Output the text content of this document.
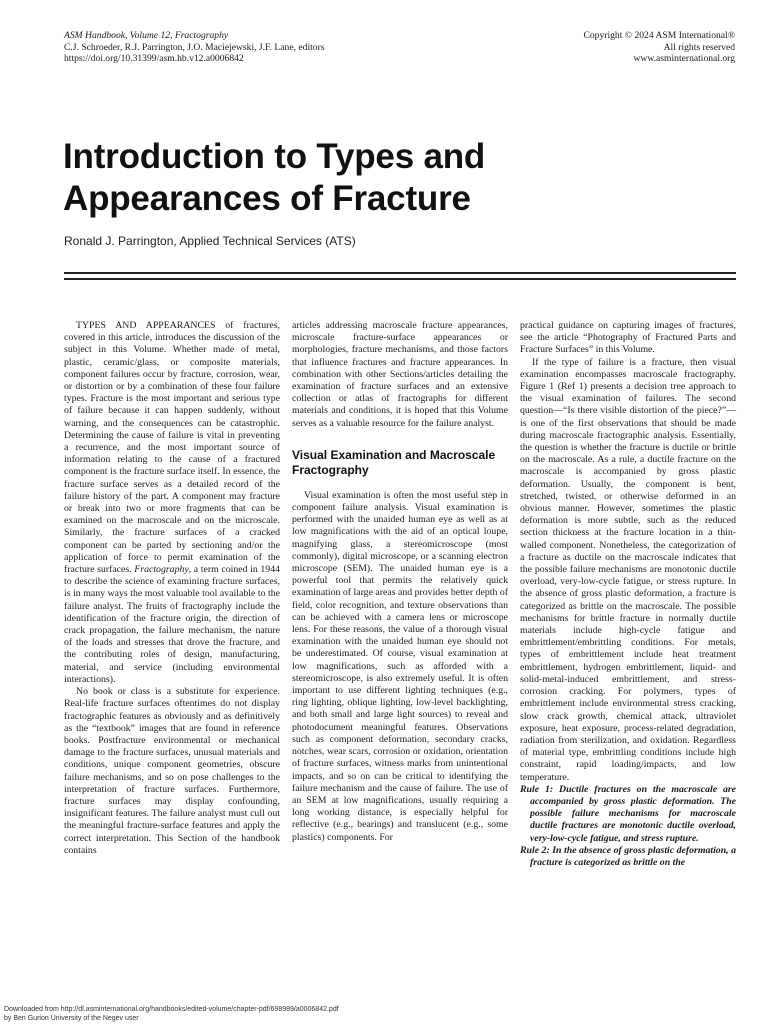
ASM Handbook, Volume 12, Fractography
C.J. Schroeder, R.J. Parrington, J.O. Maciejewski, J.F. Lane, editors
https://doi.org/10.31399/asm.hb.v12.a0006842
Copyright © 2024 ASM International®
All rights reserved
www.asminternational.org
Introduction to Types and
Appearances of Fracture
Ronald J. Parrington, Applied Technical Services (ATS)

TYPES AND APPEARANCES of fractures, covered in this article, introduces the discussion of the subject in this Volume. Whether made of metal, plastic, ceramic/glass, or composite materials, component failures occur by fracture, corrosion, wear, or distortion or by a combination of these four failure types. Fracture is the most important and serious type of failure because it can happen suddenly, without warning, and the consequences can be catastrophic. Determining the cause of failure is vital in preventing a recurrence, and the most important source of information relating to the cause of a fractured component is the fracture surface itself. In essence, the fracture surface serves as a detailed record of the failure history of the part. A component may fracture or break into two or more fragments that can be examined on the macroscale and on the microscale. Similarly, the fracture surfaces of a cracked component can be parted by sectioning and/or the application of force to permit examination of the fracture surfaces. Fractography, a term coined in 1944 to describe the science of examining fracture surfaces, is in many ways the most valuable tool available to the failure analyst. The fruits of fractography include the identification of the fracture origin, the direction of crack propagation, the failure mechanism, the nature of the loads and stresses that drove the fracture, and the contributing roles of design, manufacturing, material, and service (including environmental interactions).

No book or class is a substitute for experience. Real-life fracture surfaces oftentimes do not display fractographic features as obviously and as definitively as the “textbook” images that are found in reference books. Postfracture environmental or mechanical damage to the fracture surfaces, unusual materials and conditions, unique component geometries, obscure failure mechanisms, and so on pose challenges to the interpretation of fracture surfaces. Furthermore, fracture surfaces may display confounding, insignificant features. The failure analyst must cull out the meaningful fracture-surface features and apply the correct interpretation. This Section of the handbook contains

articles addressing macroscale fracture appearances, microscale fracture-surface appearances or morphologies, fracture mechanisms, and those factors that influence fractures and fracture appearances. In combination with other Sections/articles detailing the examination of fracture surfaces and an extensive collection or atlas of fractographs for different materials and conditions, it is hoped that this Volume serves as a valuable resource for the failure analyst.

Visual Examination and Macroscale Fractography

Visual examination is often the most useful step in component failure analysis. Visual examination is performed with the unaided human eye as well as at low magnifications with the aid of an optical loupe, magnifying glass, a stereomicroscope (most commonly), digital microscope, or a scanning electron microscope (SEM). The unaided human eye is a powerful tool that permits the relatively quick examination of large areas and provides better depth of field, color recognition, and texture observations than can be achieved with a camera lens or microscope lens. For these reasons, the value of a thorough visual examination with the unaided human eye should not be underestimated. Of course, visual examination at low magnifications, such as afforded with a stereomicroscope, is also extremely useful. It is often important to use different lighting techniques (e.g., ring lighting, oblique lighting, low-level backlighting, and both small and large light sources) to reveal and photodocument meaningful features. Observations such as component deformation, secondary cracks, notches, wear scars, corrosion or oxidation, orientation of fracture surfaces, witness marks from unintentional impacts, and so on can be critical to identifying the failure mechanism and the cause of failure. The use of an SEM at low magnifications, usually requiring a long working distance, is especially helpful for reflective (e.g., bearings) and translucent (e.g., some plastics) components. For

practical guidance on capturing images of fractures, see the article “Photography of Fractured Parts and Fracture Surfaces” in this Volume.

If the type of failure is a fracture, then visual examination encompasses macroscale fractography. Figure 1 (Ref 1) presents a decision tree approach to the visual examination of failures. The second question—“Is there visible distortion of the piece?”—is one of the first observations that should be made during macroscale fractographic analysis. Essentially, the question is whether the fracture is ductile or brittle on the macroscale. As a rule, a ductile fracture on the macroscale is accompanied by gross plastic deformation. Usually, the component is bent, stretched, twisted, or otherwise deformed in an obvious manner. However, sometimes the plastic deformation is more subtle, such as the reduced section thickness at the fracture location in a thin-walled component. Nonetheless, the categorization of a fracture as ductile on the macroscale indicates that the possible failure mechanisms are monotonic ductile overload, very-low-cycle fatigue, or stress rupture. In the absence of gross plastic deformation, a fracture is categorized as brittle on the macroscale. The possible mechanisms for brittle fracture in normally ductile materials include high-cycle fatigue and embrittlement/embrittling conditions. For metals, types of embrittlement include heat treatment embrittlement, hydrogen embrittlement, liquid- and solid-metal-induced embrittlement, and stress-corrosion cracking. For polymers, types of embrittlement include environmental stress cracking, slow crack growth, chemical attack, ultraviolet exposure, heat exposure, process-related degradation, radiation from sterilization, and oxidation. Regardless of material type, embrittling conditions include high constraint, rapid loading/impacts, and low temperature.

Rule 1: Ductile fractures on the macroscale are accompanied by gross plastic deformation. The possible failure mechanisms for macroscale ductile fractures are monotonic ductile overload, very-low-cycle fatigue, and stress rupture.

Rule 2: In the absence of gross plastic deformation, a fracture is categorized as brittle on the

Downloaded from http://dl.asminternational.org/handbooks/edited-volume/chapter-pdf/698989/a0006842.pdf
by Ben Gurion University of the Negev user
